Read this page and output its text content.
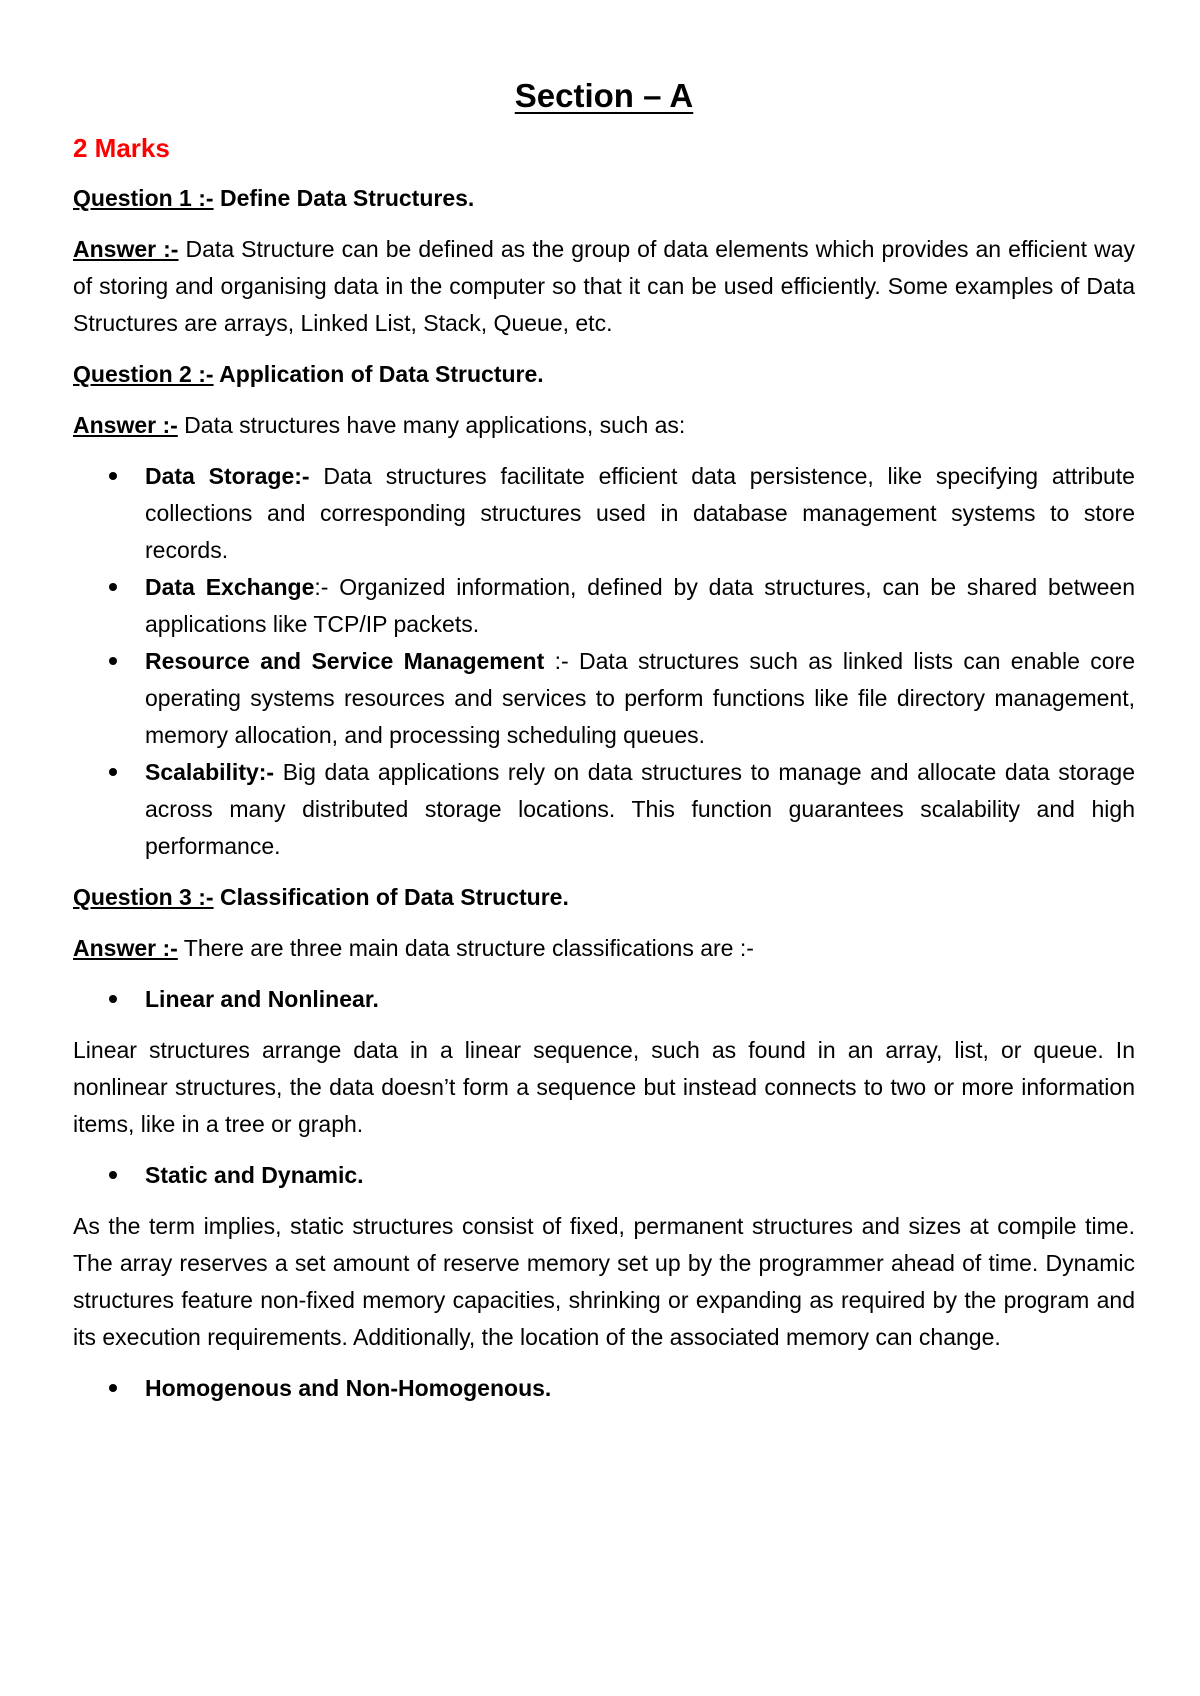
Section – A
2 Marks

Question 1 :- Define Data Structures.

Answer :- Data Structure can be defined as the group of data elements which provides an efficient way of storing and organising data in the computer so that it can be used efficiently. Some examples of Data Structures are arrays, Linked List, Stack, Queue, etc.

Question 2 :- Application of Data Structure.

Answer :- Data structures have many applications, such as:

Data Storage:- Data structures facilitate efficient data persistence, like specifying attribute collections and corresponding structures used in database management systems to store records.
Data Exchange:- Organized information, defined by data structures, can be shared between applications like TCP/IP packets.
Resource and Service Management :- Data structures such as linked lists can enable core operating systems resources and services to perform functions like file directory management, memory allocation, and processing scheduling queues.
Scalability:- Big data applications rely on data structures to manage and allocate data storage across many distributed storage locations. This function guarantees scalability and high performance.

Question 3 :- Classification of Data Structure.

Answer :- There are three main data structure classifications are :-

Linear and Nonlinear.

Linear structures arrange data in a linear sequence, such as found in an array, list, or queue. In nonlinear structures, the data doesn’t form a sequence but instead connects to two or more information items, like in a tree or graph.

Static and Dynamic.

As the term implies, static structures consist of fixed, permanent structures and sizes at compile time. The array reserves a set amount of reserve memory set up by the programmer ahead of time. Dynamic structures feature non-fixed memory capacities, shrinking or expanding as required by the program and its execution requirements. Additionally, the location of the associated memory can change.

Homogenous and Non-Homogenous.
